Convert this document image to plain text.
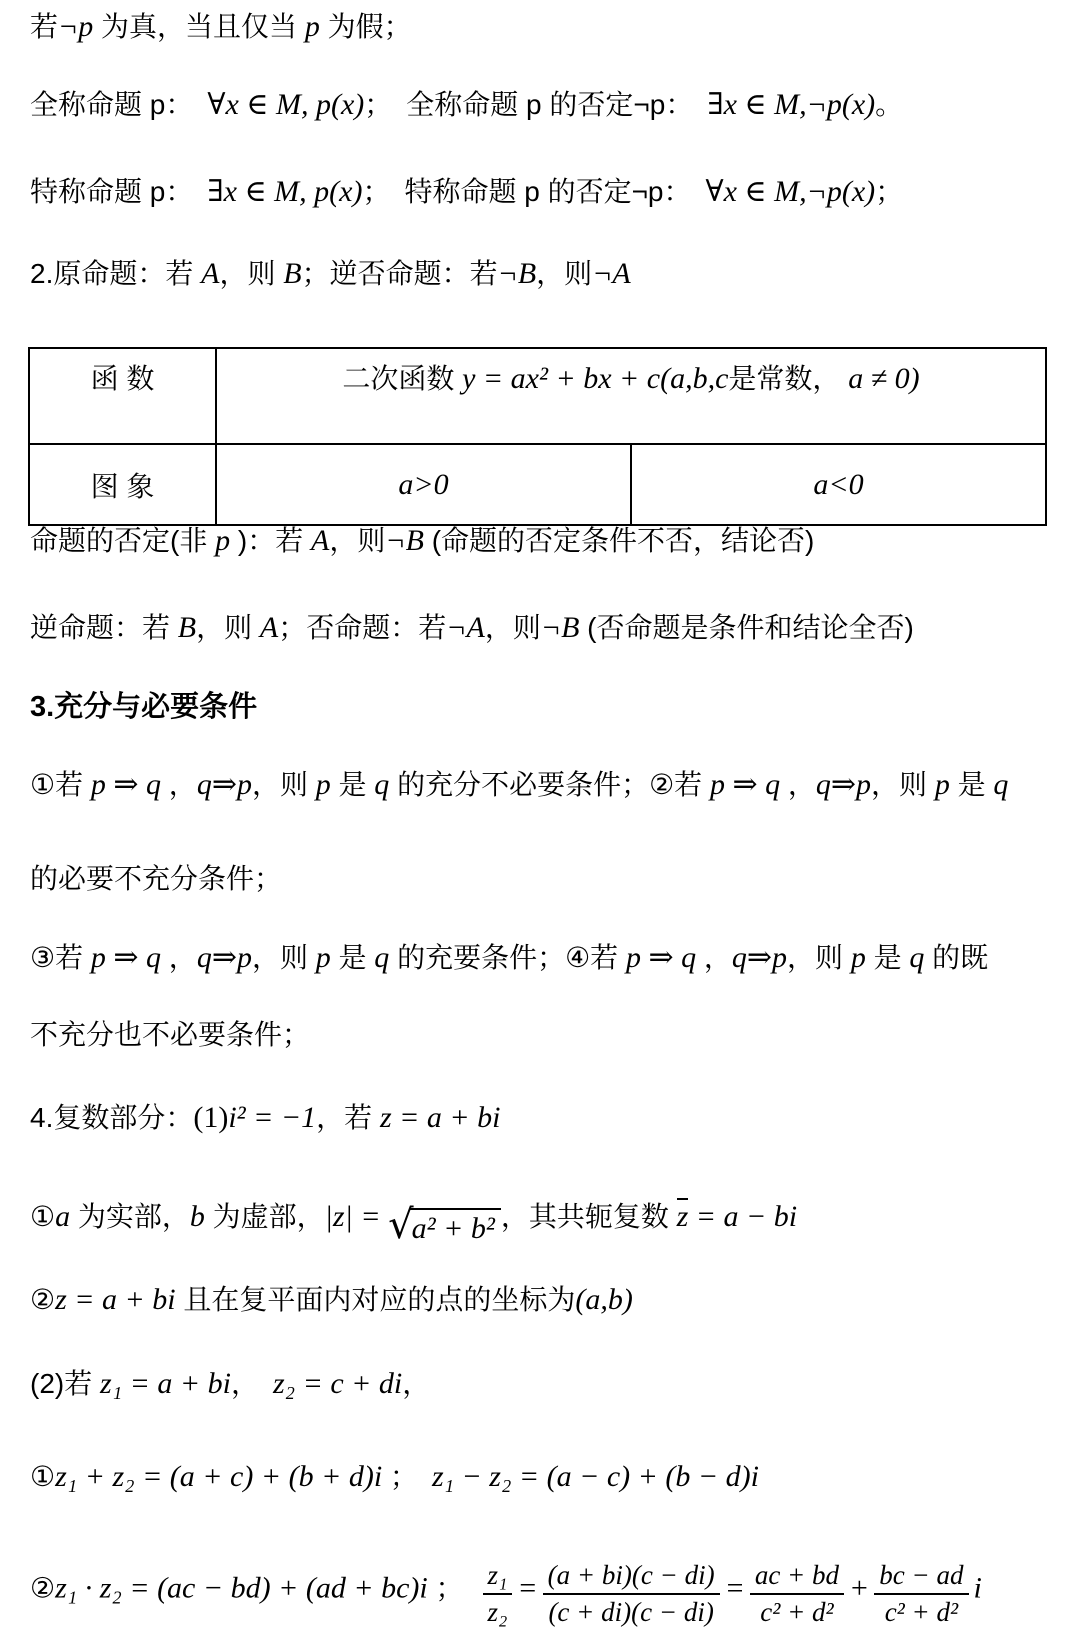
若¬p 为真，当且仅当 p 为假；

全称命题 p：　∀x ∈ M, p(x)；　全称命题 p 的否定¬p：　∃x ∈ M,¬p(x)。

特称命题 p：　∃x ∈ M, p(x)；　特称命题 p 的否定¬p：　∀x ∈ M,¬p(x)；

2.原命题：若 A，则 B；逆否命题：若¬B，则¬A

函 数	二次函数 y = ax² + bx + c(a,b,c是常数， a ≠ 0)	
图 象	a>0	a<0

命题的否定(非 p )：若 A，则¬B (命题的否定条件不否，结论否)

逆命题：若 B，则 A；否命题：若¬A，则¬B (否命题是条件和结论全否)

3.充分与必要条件

①若 p ⇒ q ，q⇒p，则 p 是 q 的充分不必要条件；②若 p ⇒ q ，q⇒p，则 p 是 q

的必要不充分条件；

③若 p ⇒ q ，q⇒p，则 p 是 q 的充要条件；④若 p ⇒ q ，q⇒p，则 p 是 q 的既

不充分也不必要条件；

4.复数部分：(1)i² = −1，若 z = a + bi

①a 为实部，b 为虚部，|z| = √
a² + b² ，其共轭复数 z = a − bi

②z = a + bi 且在复平面内对应的点的坐标为(a,b)

(2)若 z₁ = a + bi，　z₂ = c + di，

①z₁ + z₂ = (a + c) + (b + d)i ；　z₁ − z₂ = (a − c) + (b − d)i

②z₁ · z₂ = (ac − bd) + (ad + bc)i ；　 $\frac{\text{z₁}}{\text{z₂}} = \frac{(a + bi)(c - di)}{(c + di)(c - di)} = \frac{ac + bd}{\text{c² + d²}} + \frac{bc - ad}{\text{c² + d²}}$ i
